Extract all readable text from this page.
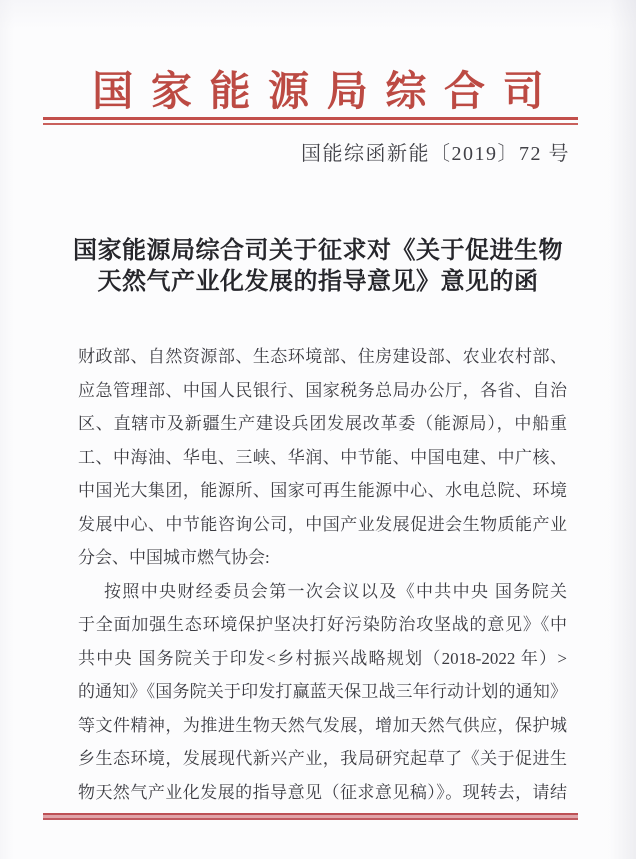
国家能源局综合司
国能综函新能〔2019〕72 号
国家能源局综合司关于征求对《关于促进生物
天然气产业化发展的指导意见》意见的函
财政部、自然资源部、生态环境部、住房建设部、农业农村部、
应急管理部、中国人民银行、国家税务总局办公厅，各省、自治
区、直辖市及新疆生产建设兵团发展改革委（能源局），中船重
工、中海油、华电、三峡、华润、中节能、中国电建、中广核、
中国光大集团，能源所、国家可再生能源中心、水电总院、环境
发展中心、中节能咨询公司，中国产业发展促进会生物质能产业
分会、中国城市燃气协会:
按照中央财经委员会第一次会议以及《中共中央 国务院关
于全面加强生态环境保护坚决打好污染防治攻坚战的意见》《中
共中央 国务院关于印发<乡村振兴战略规划（2018-2022 年）>
的通知》《国务院关于印发打赢蓝天保卫战三年行动计划的通知》
等文件精神，为推进生物天然气发展，增加天然气供应，保护城
乡生态环境，发展现代新兴产业，我局研究起草了《关于促进生
物天然气产业化发展的指导意见（征求意见稿）》。现转去，请结
